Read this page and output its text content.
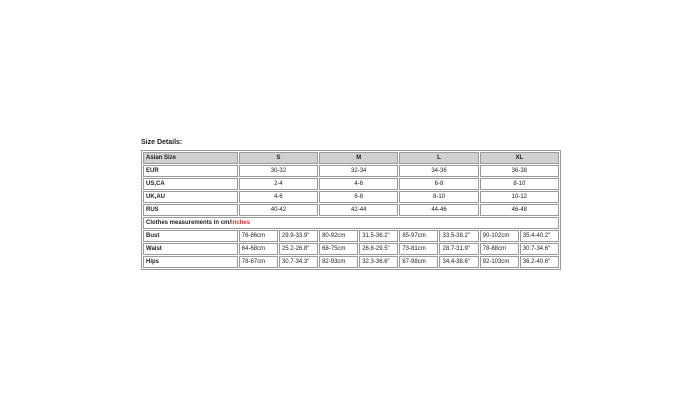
Size Details:
Asian Size	S		M		L		XL	
EUR	30-32		32-34		34-36		36-38	
US,CA	2-4		4-6		6-8		8-10	
UK,AU	4-6		6-8		8-10		10-12	
RUS	40-42		42-44		44-46		46-48	
Clothes measurements in cm/inches								
Bust	76-86cm	29.9-33.9"	80-92cm	31.5-36.2"	85-97cm	33.5-38.2"	90-102cm	35.4-40.2"
Waist	64-68cm	25.2-26.8"	68-75cm	26.8-29.5"	73-81cm	28.7-31.9"	78-88cm	30.7-34.6"
Hips	78-87cm	30.7-34.3"	82-93cm	32.3-36.6"	87-98cm	34.4-38.6"	92-103cm	36.2-40.6"
